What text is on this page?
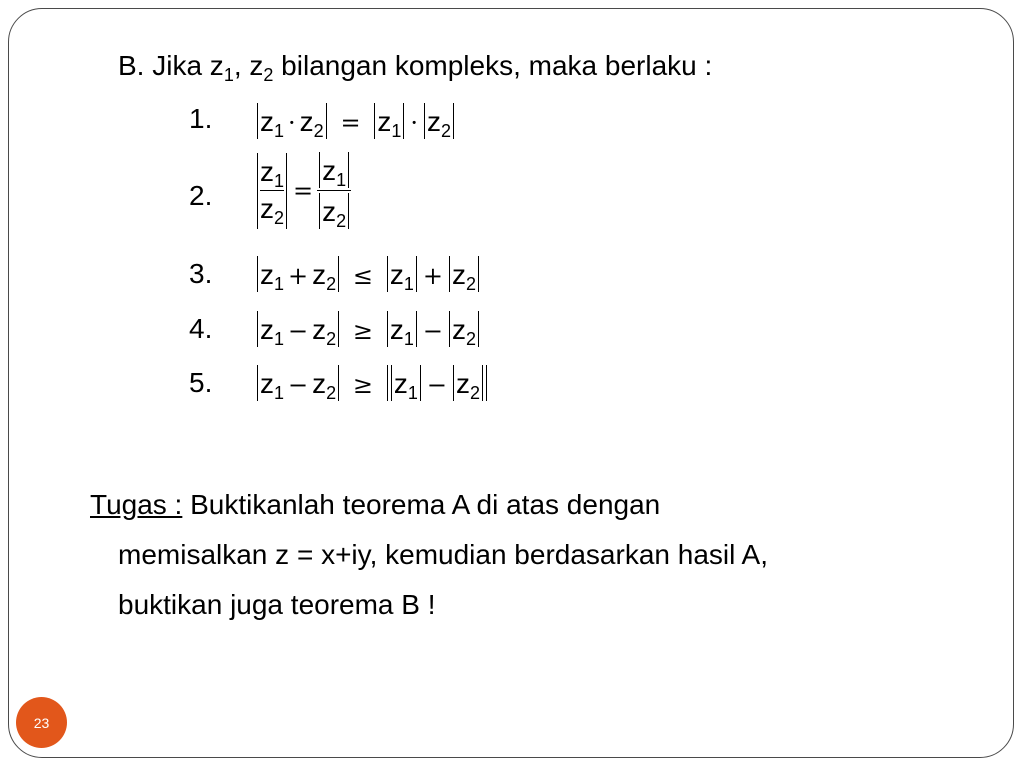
B. Jika $z_1$, $z_2$ bilangan kompleks, maka berlaku :
1. $z_1 \cdot z_2 = z_1 \cdot z_2$
2. $\frac{z_1}{z_2} = \frac{z_1}{z_2}$
3. $z_1 + z_2 \le z_1 + z_2$
4. $z_1 - z_2 \ge z_1 - z_2$
5. $z_1 - z_2 \ge z_1 - z_2$
Tugas : Buktikanlah teorema A di atas dengan
memisalkan z = x+iy, kemudian berdasarkan hasil A,
buktikan juga teorema B !
23
